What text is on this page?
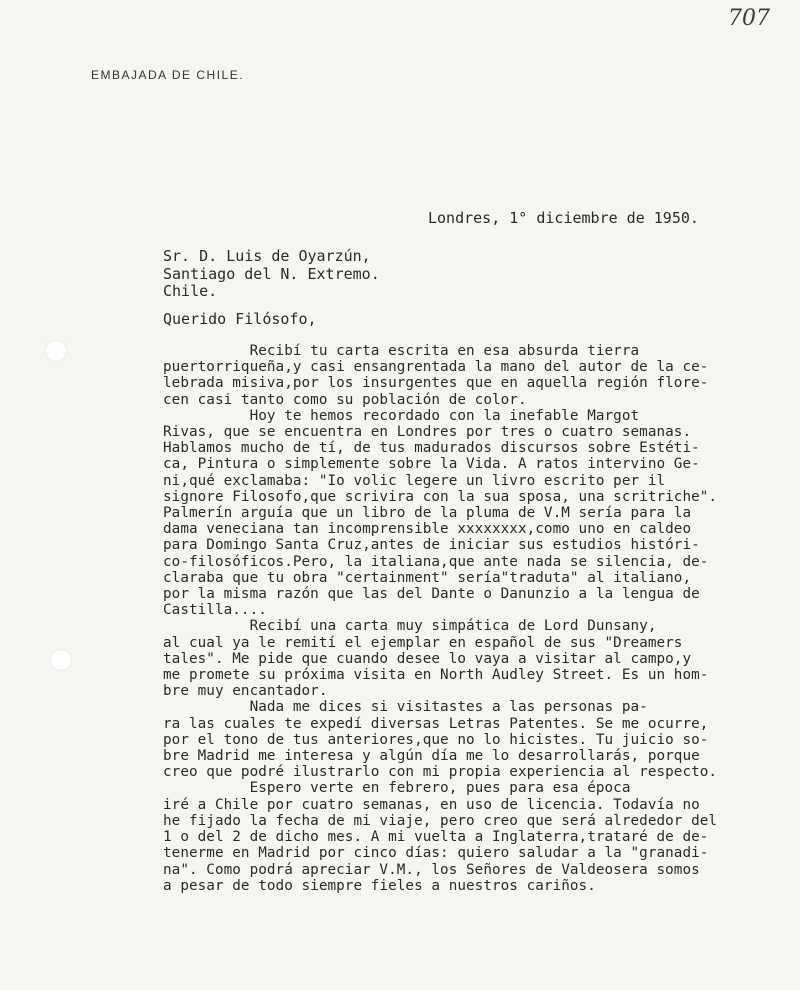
707
EMBAJADA DE CHILE.
Londres, 1° diciembre de 1950.
Sr. D. Luis de Oyarzún,
Santiago del N. Extremo.
Chile.
Querido Filósofo,
Recibí tu carta escrita en esa absurda tierra
puertorriqueña,y casi ensangrentada la mano del autor de la ce-
lebrada misiva,por los insurgentes que en aquella región flore-
cen casi tanto como su población de color.
Hoy te hemos recordado con la inefable Margot
Rivas, que se encuentra en Londres por tres o cuatro semanas.
Hablamos mucho de tí, de tus madurados discursos sobre Estéti-
ca, Pintura o simplemente sobre la Vida. A ratos intervino Ge-
ni,qué exclamaba: "Io volic legere un livro escrito per il
signore Filosofo,que scrivira con la sua sposa, una scritriche".
Palmerín arguía que un libro de la pluma de V.M sería para la
dama veneciana tan incomprensible xxxxxxxx,como uno en caldeo
para Domingo Santa Cruz,antes de iniciar sus estudios históri-
co-filosóficos.Pero, la italiana,que ante nada se silencia, de-
claraba que tu obra "certainment" sería"traduta" al italiano,
por la misma razón que las del Dante o Danunzio a la lengua de
Castilla....
Recibí una carta muy simpática de Lord Dunsany,
al cual ya le remití el ejemplar en español de sus "Dreamers
tales". Me pide que cuando desee lo vaya a visitar al campo,y
me promete su próxima visita en North Audley Street. Es un hom-
bre muy encantador.
Nada me dices si visitastes a las personas pa-
ra las cuales te expedí diversas Letras Patentes. Se me ocurre,
por el tono de tus anteriores,que no lo hicistes. Tu juicio so-
bre Madrid me interesa y algún día me lo desarrollarás, porque
creo que podré ilustrarlo con mi propia experiencia al respecto.
Espero verte en febrero, pues para esa época
iré a Chile por cuatro semanas, en uso de licencia. Todavía no
he fijado la fecha de mi viaje, pero creo que será alrededor del
1 o del 2 de dicho mes. A mi vuelta a Inglaterra,trataré de de-
tenerme en Madrid por cinco días: quiero saludar a la "granadi-
na". Como podrá apreciar V.M., los Señores de Valdeosera somos
a pesar de todo siempre fieles a nuestros cariños.
